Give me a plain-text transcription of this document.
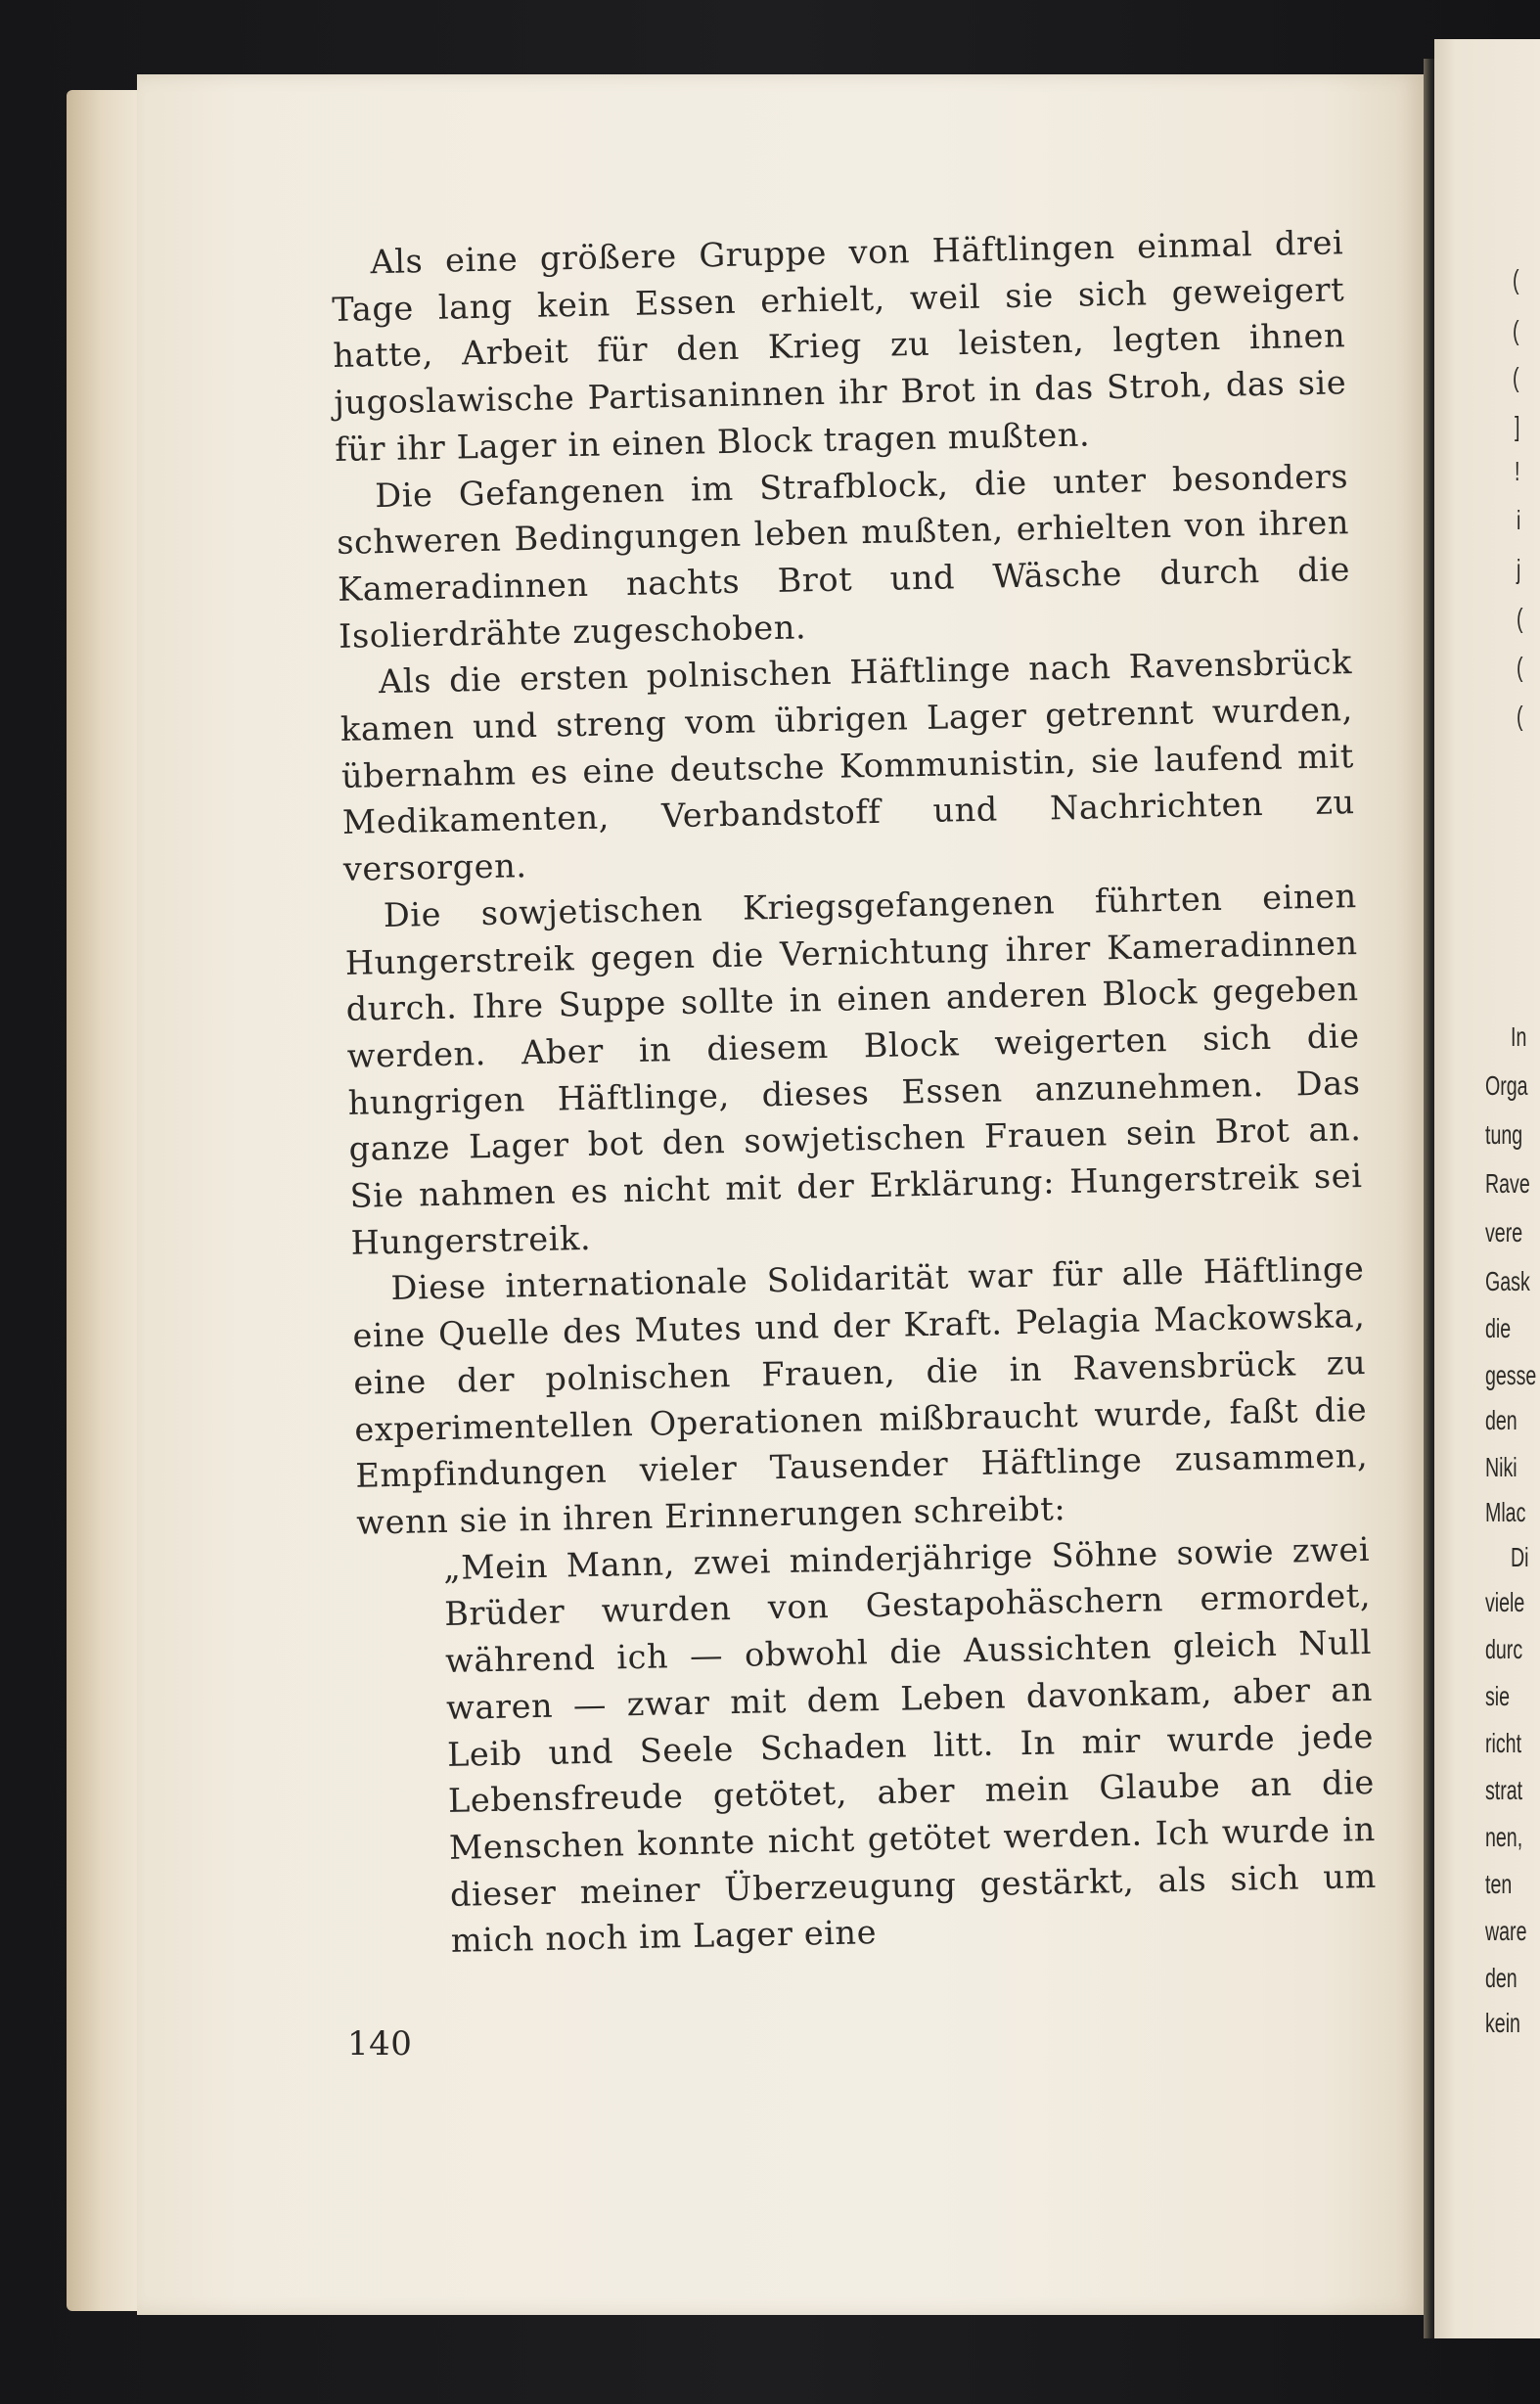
Als eine größere Gruppe von Häftlingen einmal drei Tage lang kein Essen erhielt, weil sie sich geweigert hatte, Arbeit für den Krieg zu leisten, legten ihnen jugoslawische Partisaninnen ihr Brot in das Stroh, das sie für ihr Lager in einen Block tragen mußten.

Die Gefangenen im Strafblock, die unter besonders schweren Bedingungen leben mußten, erhielten von ihren Kameradinnen nachts Brot und Wäsche durch die Isolierdrähte zugeschoben.

Als die ersten polnischen Häftlinge nach Ravensbrück kamen und streng vom übrigen Lager getrennt wurden, übernahm es eine deutsche Kommunistin, sie laufend mit Medikamenten, Verbandstoff und Nachrichten zu versorgen.

Die sowjetischen Kriegsgefangenen führten einen Hungerstreik gegen die Vernichtung ihrer Kameradinnen durch. Ihre Suppe sollte in einen anderen Block gegeben werden. Aber in diesem Block weigerten sich die hungrigen Häftlinge, dieses Essen anzunehmen. Das ganze Lager bot den sowjetischen Frauen sein Brot an. Sie nahmen es nicht mit der Erklärung: Hungerstreik sei Hungerstreik.

Diese internationale Solidarität war für alle Häftlinge eine Quelle des Mutes und der Kraft. Pelagia Mackowska, eine der polnischen Frauen, die in Ravensbrück zu experimentellen Operationen mißbraucht wurde, faßt die Empfindungen vieler Tausender Häftlinge zusammen, wenn sie in ihren Erinnerungen schreibt:

„Mein Mann, zwei minderjährige Söhne sowie zwei Brüder wurden von Gestapohäschern ermordet, während ich — obwohl die Aussichten gleich Null waren — zwar mit dem Leben davonkam, aber an Leib und Seele Schaden litt. In mir wurde jede Lebensfreude getötet, aber mein Glaube an die Menschen konnte nicht getötet werden. Ich wurde in dieser meiner Überzeugung gestärkt, als sich um mich noch im Lager eine

140
(
(
(
]
!
i
j
(
(
(
In
Orga
tung
Rave
vere
Gask
die
gesse
den
Niki
Mlac
Di
viele
durc
sie
richt
strat
nen,
ten
ware
den
kein
